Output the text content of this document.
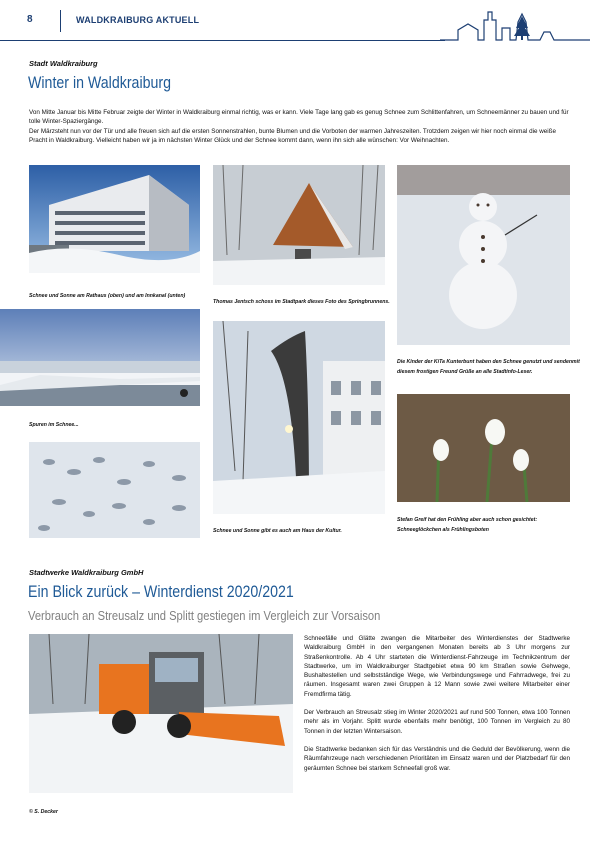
8	WALDKRAIBURG AKTUELL
Stadt Waldkraiburg
Winter in Waldkraiburg
Von Mitte Januar bis Mitte Februar zeigte der Winter in Waldkraiburg einmal richtig, was er kann. Viele Tage lang gab es genug Schnee zum Schlittenfahren, um Schneemänner zu bauen und für tolle Winter-Spaziergänge.
Der Märzsteht nun vor der Tür und alle freuen sich auf die ersten Sonnenstrahlen, bunte Blumen und die Vorboten der warmen Jahreszeiten. Trotzdem zeigen wir hier noch einmal die weiße Pracht in Waldkraiburg. Vielleicht haben wir ja im nächsten Winter Glück und der Schnee kommt dann, wenn ihn sich alle wünschen: Vor Weihnachten.
Schnee und Sonne am Rathaus (oben) und am Innkanal (unten)
Spuren im Schnee...
Thomas Jentsch schoss im Stadtpark dieses Foto des Springbrunnens.
Schnee und Sonne gibt es auch am Haus der Kultur.
Die Kinder der KiTa Kunterbunt haben den Schnee genutzt und sendenmit
diesem frostigen Freund Grüße an alle Stadtinfo-Leser.
Stefan Greif hat den Frühling aber auch schon gesichtet:
Schneeglöckchen als Frühlingsboten
Stadtwerke Waldkraiburg GmbH
Ein Blick zurück – Winterdienst 2020/2021
Verbrauch an Streusalz und Splitt gestiegen im Vergleich zur Vorsaison
© S. Decker
Schneefälle und Glätte zwangen die Mitarbeiter des Winterdienstes der Stadtwerke Waldkraiburg GmbH in den vergangenen Monaten bereits ab 3 Uhr morgens zur Straßenkontrolle. Ab 4 Uhr starteten die Winterdienst-Fahrzeuge im Technikzentrum der Stadtwerke, um im Waldkraiburger Stadtgebiet etwa 90 km Straßen sowie Gehwege, Bushaltestellen und selbstständige Wege, wie Verbindungswege und Fahrradwege, frei zu räumen. Insgesamt waren zwei Gruppen à 12 Mann sowie zwei weitere Mitarbeiter einer Fremdfirma tätig.
Der Verbrauch an Streusalz stieg im Winter 2020/2021 auf rund 500 Tonnen, etwa 100 Tonnen mehr als im Vorjahr. Splitt wurde ebenfalls mehr benötigt, 100 Tonnen im Vergleich zu 80 Tonnen in der letzten Wintersaison.
Die Stadtwerke bedanken sich für das Verständnis und die Geduld der Bevölkerung, wenn die Räumfahrzeuge nach verschiedenen Prioritäten im Einsatz waren und der Platzbedarf für den geräumten Schnee bei starkem Schneefall groß war.
